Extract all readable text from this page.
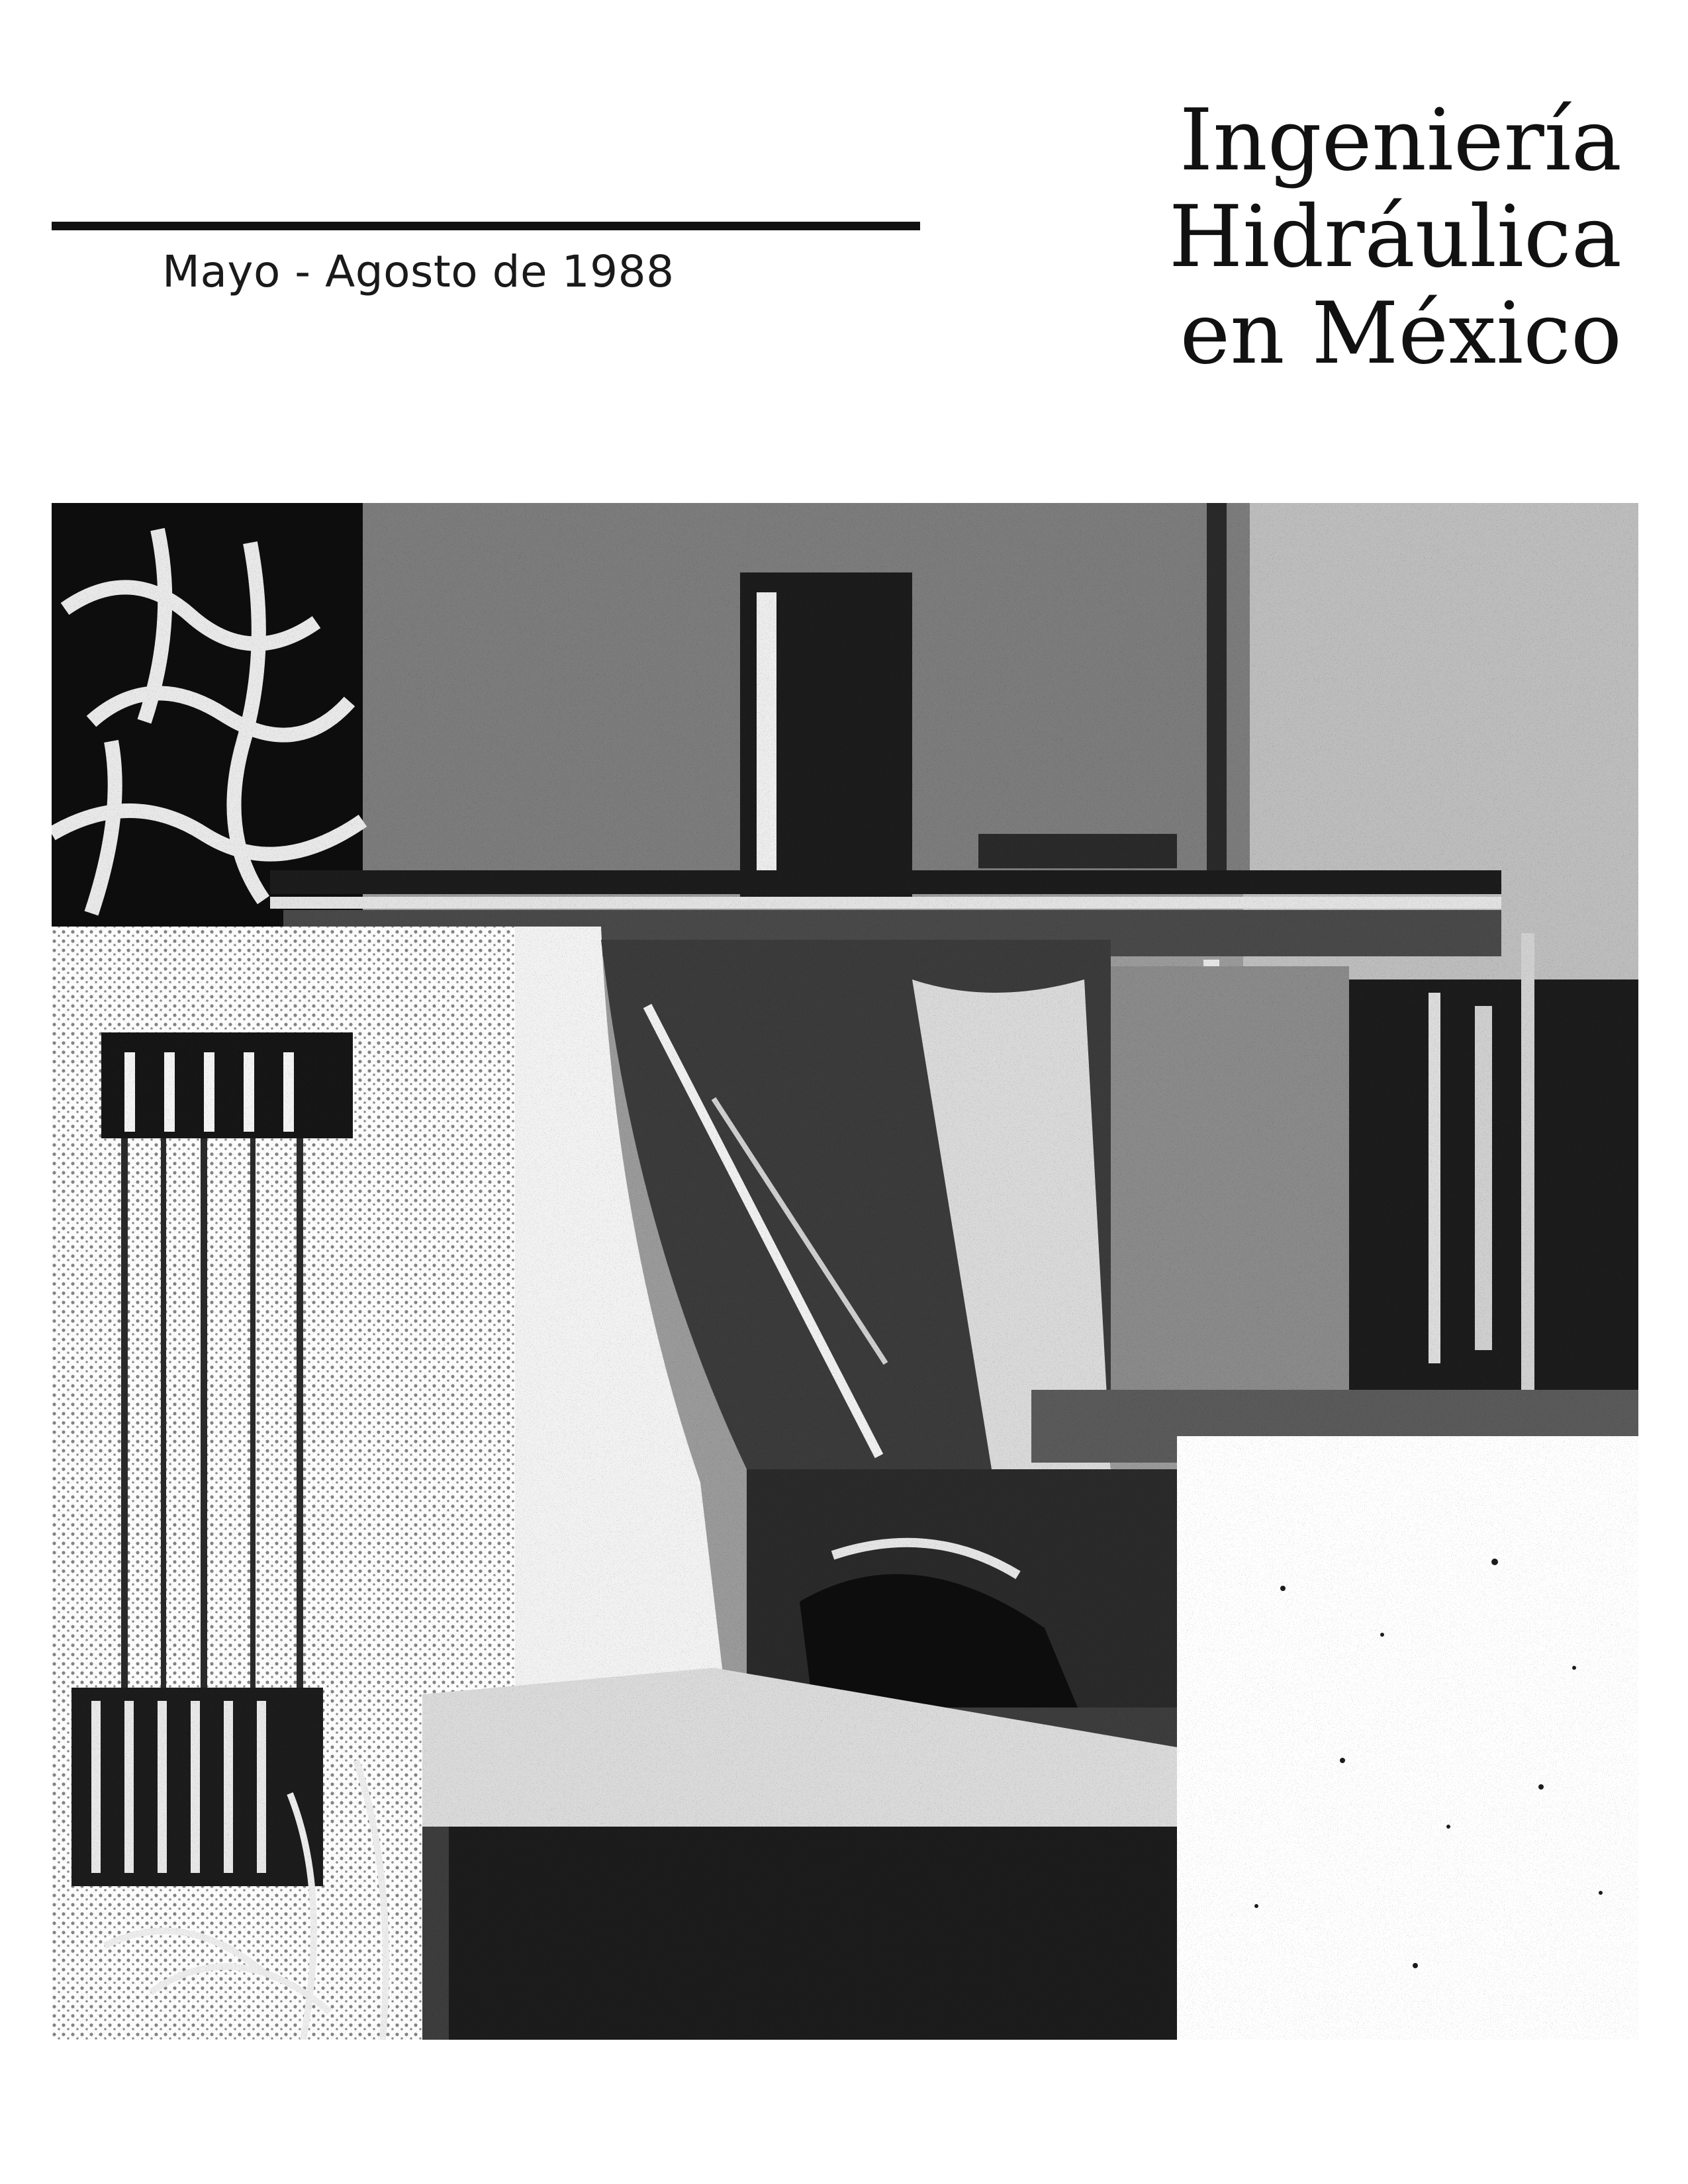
Mayo - Agosto de 1988
Ingeniería
Hidráulica
en México
